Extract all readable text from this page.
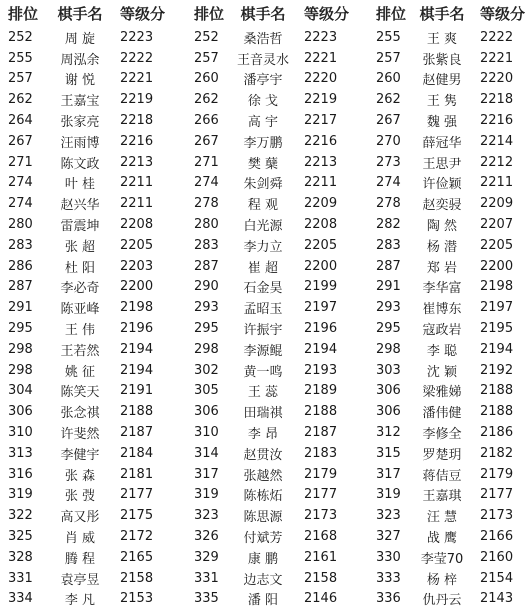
排位	棋手名	等级分
252	周 旋	2223
255	周泓余	2222
257	谢 悦	2221
262	王嘉宝	2219
264	张家亮	2218
267	汪雨博	2216
271	陈文政	2213
274	叶 桂	2211
274	赵兴华	2211
280	雷震坤	2208
283	张 超	2205
286	杜 阳	2203
287	李必奇	2200
291	陈亚峰	2198
295	王 伟	2196
298	王若然	2194
298	姚 征	2194
304	陈笑天	2191
306	张念祺	2188
310	许斐然	2187
313	李健宇	2184
316	张 森	2181
319	张 弢	2177
322	高又彤	2175
325	肖 威	2172
328	腾 程	2165
331	袁亭昱	2158
334	李 凡	2153
排位	棋手名	等级分
252	桑浩哲	2223
257	王音灵水	2221
260	潘亭宇	2220
262	徐 戈	2219
266	高 宇	2217
267	李万鹏	2216
271	樊 蘖	2213
274	朱剑舜	2211
278	程 观	2209
280	白光源	2208
283	李力立	2205
287	崔 超	2200
290	石金昊	2199
293	孟昭玉	2197
295	许振宇	2196
298	李源鲲	2194
302	黄一鸣	2193
305	王 蕊	2189
306	田瑞祺	2188
310	李 昂	2187
314	赵贯汝	2183
317	张越然	2179
319	陈栋炻	2177
323	陈思源	2173
326	付斌芳	2168
329	康 鹏	2161
331	边志文	2158
335	潘 阳	2146
排位 棋手名	等级分
255	王 爽	2222
257	张紫良	2221
260	赵健男	2220
262	王 隽	2218
267	魏 强	2216
270	薛冠华	2214
273	王思尹	2212
274	许俭颖	2211
278	赵奕骎	2209
282	陶 然	2207
283	杨 潜	2205
287	郑 岩	2200
291	李华富	2198
293	崔博东	2197
295	寇政岩	2195
298	李 聪	2194
303	沈 颖	2192
306	梁雅娣	2188
306	潘伟健	2188
312	李修全	2186
315	罗楚玥	2182
317	蒋佶豆	2179
319	王嘉琪	2177
323	汪 慧	2173
327	战 鹰	2166
330	李莹70	2160
333	杨 梓	2154
336	仇丹云	2143
